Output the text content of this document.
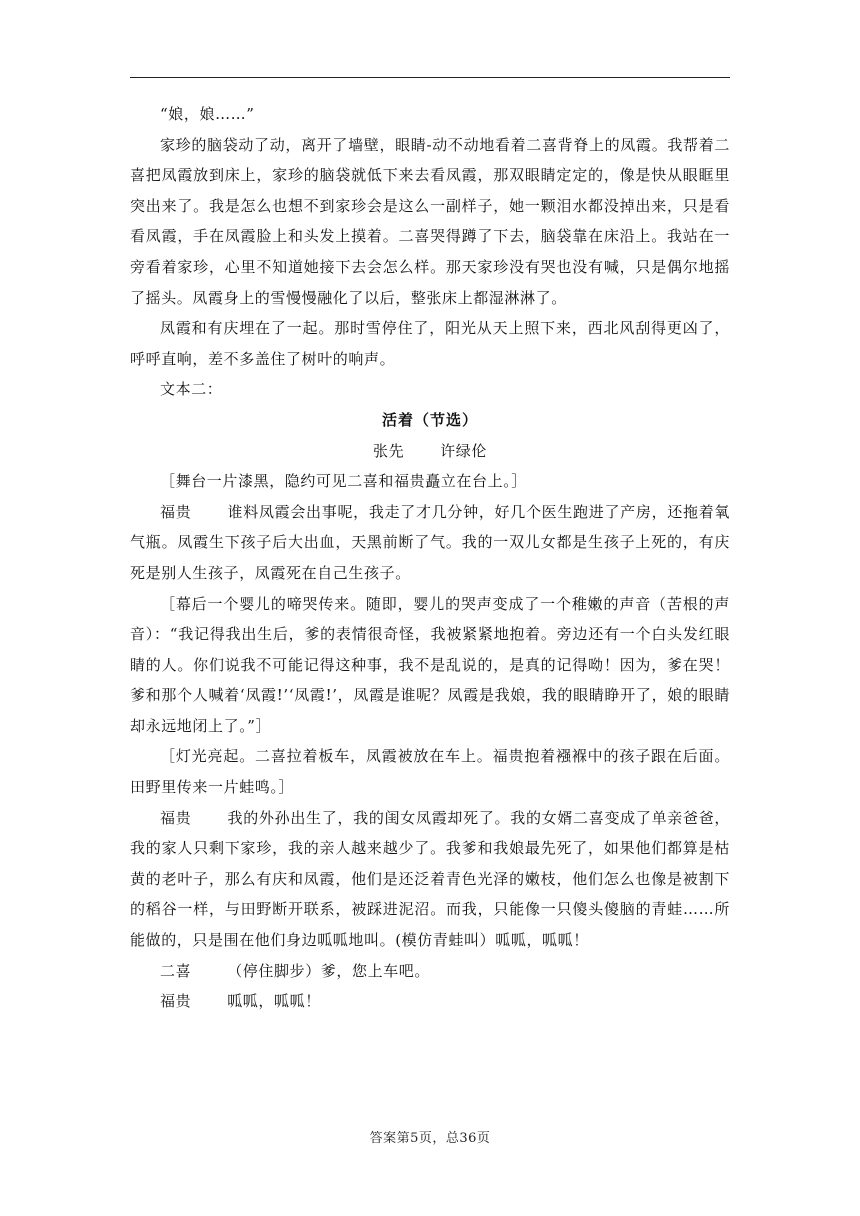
“娘，娘……”

家珍的脑袋动了动，离开了墙壁，眼睛-动不动地看着二喜背脊上的凤霞。我帮着二喜把凤霞放到床上，家珍的脑袋就低下来去看凤霞，那双眼睛定定的，像是快从眼眶里突出来了。我是怎么也想不到家珍会是这么一副样子，她一颗泪水都没掉出来，只是看看凤霞，手在凤霞脸上和头发上摸着。二喜哭得蹲了下去，脑袋靠在床沿上。我站在一旁看着家珍，心里不知道她接下去会怎么样。那天家珍没有哭也没有喊，只是偶尔地摇了摇头。凤霞身上的雪慢慢融化了以后，整张床上都湿淋淋了。

凤霞和有庆埋在了一起。那时雪停住了，阳光从天上照下来，西北风刮得更凶了，呼呼直响，差不多盖住了树叶的响声。

文本二：

活着（节选）

张先 许绿伦

［舞台一片漆黑，隐约可见二喜和福贵矗立在台上。］

福贵 谁料凤霞会出事呢，我走了才几分钟，好几个医生跑进了产房，还拖着氧气瓶。凤霞生下孩子后大出血，天黑前断了气。我的一双儿女都是生孩子上死的，有庆死是别人生孩子，凤霞死在自己生孩子。

［幕后一个婴儿的啼哭传来。随即，婴儿的哭声变成了一个稚嫩的声音（苦根的声音）：“我记得我出生后，爹的表情很奇怪，我被紧紧地抱着。旁边还有一个白头发红眼睛的人。你们说我不可能记得这种事，我不是乱说的，是真的记得呦！因为，爹在哭！爹和那个人喊着‘凤霞!’‘凤霞!’，凤霞是谁呢？凤霞是我娘，我的眼睛睁开了，娘的眼睛却永远地闭上了。”］

［灯光亮起。二喜拉着板车，凤霞被放在车上。福贵抱着襁褓中的孩子跟在后面。田野里传来一片蛙鸣。］

福贵 我的外孙出生了，我的闺女凤霞却死了。我的女婿二喜变成了单亲爸爸，我的家人只剩下家珍，我的亲人越来越少了。我爹和我娘最先死了，如果他们都算是枯黄的老叶子，那么有庆和凤霞，他们是还泛着青色光泽的嫩枝，他们怎么也像是被割下的稻谷一样，与田野断开联系，被踩进泥沼。而我，只能像一只傻头傻脑的青蛙……所能做的，只是围在他们身边呱呱地叫。(模仿青蛙叫）呱呱，呱呱！

二喜 （停住脚步）爹，您上车吧。

福贵 呱呱，呱呱！

答案第5页，总36页
